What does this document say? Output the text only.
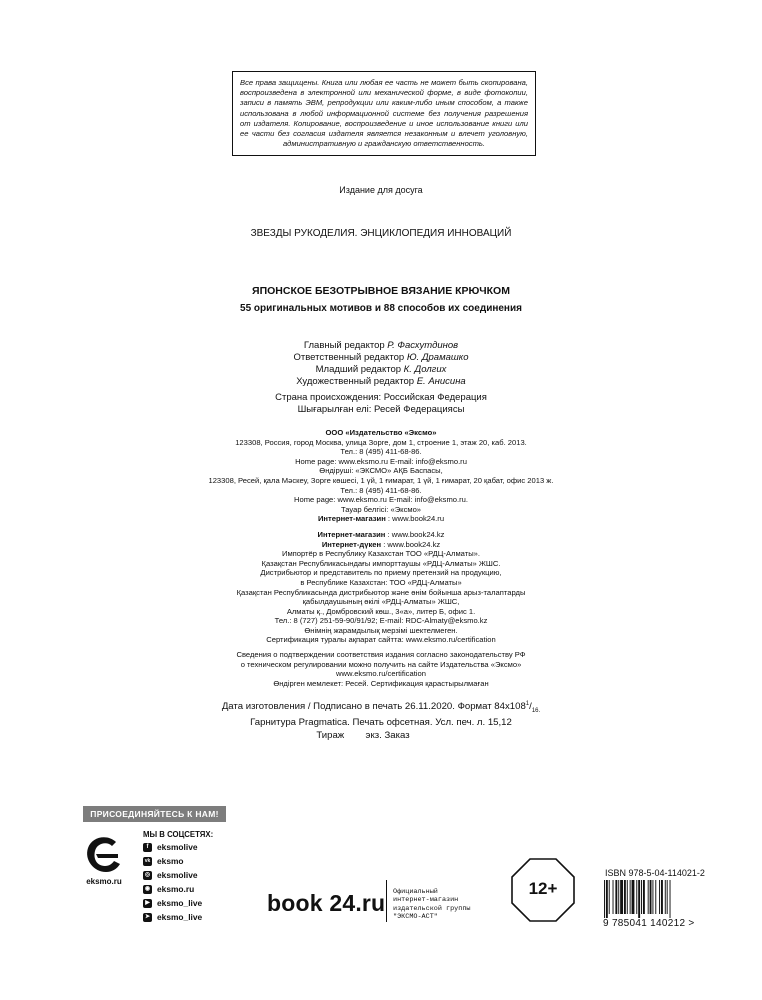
Все права защищены. Книга или любая ее часть не может быть скопирована, воспроизведена в электронной или механической форме, в виде фотокопии, записи в память ЭВМ, репродукции или каким-либо иным способом, а также использована в любой информационной системе без получения разрешения от издателя. Копирование, воспроизведение и иное использование книги или ее части без согласия издателя является незаконным и влечет уголовную, административную и гражданскую ответственность.
Издание для досуга
ЗВЕЗДЫ РУКОДЕЛИЯ. ЭНЦИКЛОПЕДИЯ ИННОВАЦИЙ
ЯПОНСКОЕ БЕЗОТРЫВНОЕ ВЯЗАНИЕ КРЮЧКОМ
55 оригинальных мотивов и 88 способов их соединения
Главный редактор Р. Фасхутдинов
Ответственный редактор Ю. Драмашко
Младший редактор К. Долгих
Художественный редактор Е. Анисина
Страна происхождения: Российская Федерация
Шығарылған елі: Ресей Федерациясы
ООО «Издательство «Эксмо»
123308, Россия, город Москва, улица Зорге, дом 1, строение 1, этаж 20, каб. 2013.
Тел.: 8 (495) 411-68-86.
Home page: www.eksmo.ru E-mail: info@eksmo.ru
Өндіруші: «ЭКСМО» АҚБ Баспасы,
123308, Ресей, қала Мәскеу, Зорге көшесі, 1 үй, 1 ғимарат, 1 үй, 1 ғимарат, 20 қабат, офис 2013 ж.
Тел.: 8 (495) 411-68-86.
Home page: www.eksmo.ru E-mail: info@eksmo.ru.
Тауар белгісі: «Эксмо»
Интернет-магазин : www.book24.ru
Интернет-магазин : www.book24.kz
Интернет-дүкен : www.book24.kz
Импортёр в Республику Казахстан ТОО «РДЦ-Алматы».
Қазақстан Республикасындағы импорттаушы «РДЦ-Алматы» ЖШС.
Дистрибьютор и представитель по приему претензий на продукцию,
в Республике Казахстан: ТОО «РДЦ-Алматы»
Қазақстан Республикасында дистрибьютор және өнім бойынша арыз-талаптарды
қабылдаушының өкілі «РДЦ-Алматы» ЖШС,
Алматы қ., Домбровский көш., 3«а», литер Б, офис 1.
Тел.: 8 (727) 251-59-90/91/92; E-mail: RDC-Almaty@eksmo.kz
Өнімнің жарамдылық мерзімі шектелмеген.
Сертификация туралы ақпарат сайтта: www.eksmo.ru/certification
Сведения о подтверждении соответствия издания согласно законодательству РФ
о техническом регулировании можно получить на сайте Издательства «Эксмо»
www.eksmo.ru/certification
Өндірген мемлекет: Ресей. Сертификация қарастырылмаған
Дата изготовления / Подписано в печать 26.11.2020. Формат $84x108^1/_{16.}$
Гарнитура Pragmatica. Печать офсетная. Усл. печ. л. 15,12
Тираж экз. Заказ
ПРИСОЕДИНЯЙТЕСЬ К НАМ!
eksmo.ru
МЫ В СОЦСЕТЯХ:
f	eksmolive
vk eksmo
◎ eksmolive
◉ eksmo.ru
▶ eksmo_live
➤ eksmo_live
book 24.ru Официальный
интернет-магазин
издательской группы
"ЭКСМО-АСТ"
12+
ISBN 978-5-04-114021-2
9 785041 140212 >
